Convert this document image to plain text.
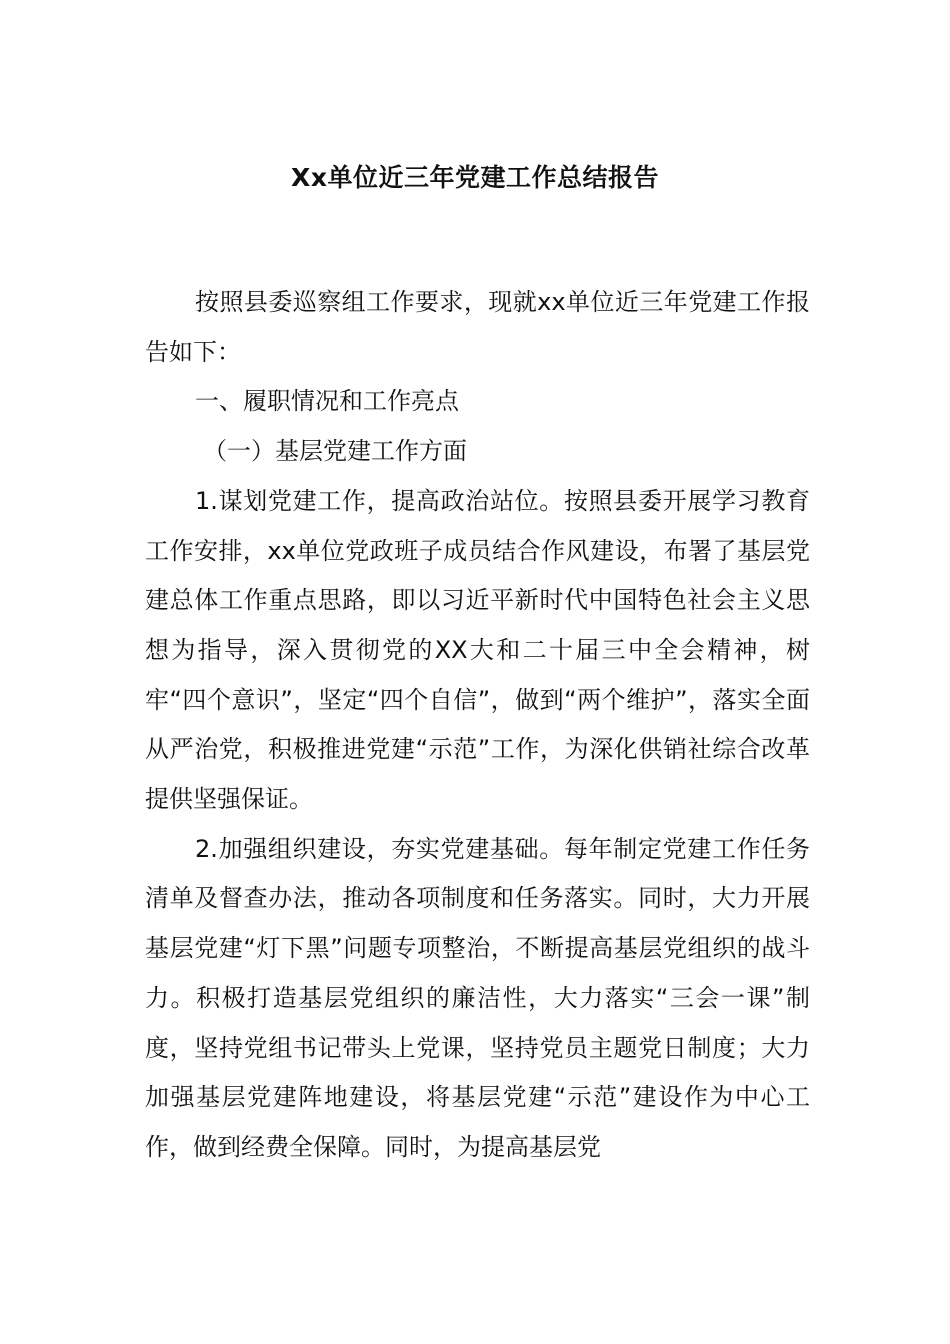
Xx单位近三年党建工作总结报告

按照县委巡察组工作要求，现就xx单位近三年党建工作报告如下：

一、履职情况和工作亮点

（一）基层党建工作方面

1.谋划党建工作，提高政治站位。按照县委开展学习教育工作安排，xx单位党政班子成员结合作风建设，布署了基层党建总体工作重点思路，即以习近平新时代中国特色社会主义思想为指导，深入贯彻党的XX大和二十届三中全会精神，树牢“四个意识”，坚定“四个自信”，做到“两个维护”，落实全面从严治党，积极推进党建“示范”工作，为深化供销社综合改革提供坚强保证。

2.加强组织建设，夯实党建基础。每年制定党建工作任务清单及督查办法，推动各项制度和任务落实。同时，大力开展基层党建“灯下黑”问题专项整治，不断提高基层党组织的战斗力。积极打造基层党组织的廉洁性，大力落实“三会一课”制度，坚持党组书记带头上党课，坚持党员主题党日制度；大力加强基层党建阵地建设，将基层党建“示范”建设作为中心工作，做到经费全保障。同时，为提高基层党
